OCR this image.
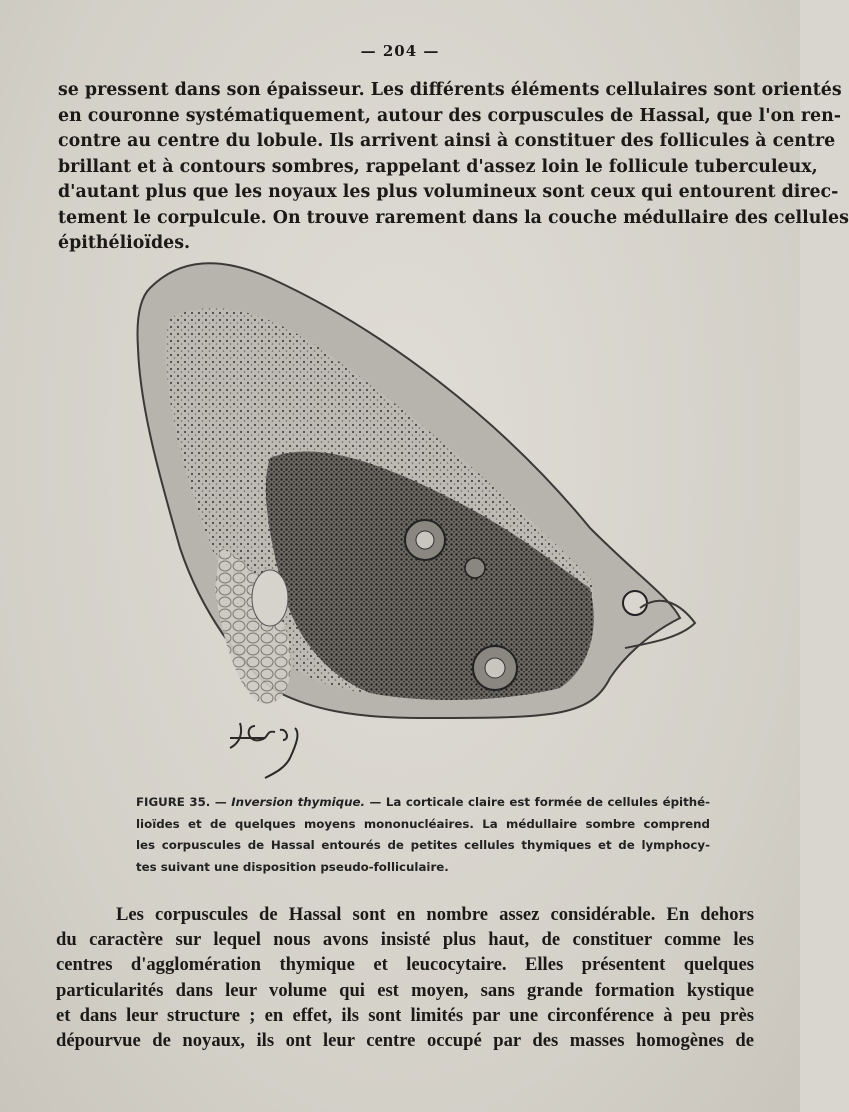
— 204 —
se pressent dans son épaisseur. Les différents éléments cellulaires sont orientés
en couronne systématiquement, autour des corpuscules de Hassal, que l'on ren-
contre au centre du lobule. Ils arrivent ainsi à constituer des follicules à centre
brillant et à contours sombres, rappelant d'assez loin le follicule tuberculeux,
d'autant plus que les noyaux les plus volumineux sont ceux qui entourent direc-
tement le corpulcule. On trouve rarement dans la couche médullaire des cellules
épithélioïdes.
FIGURE 35. — Inversion thymique. — La corticale claire est formée de cellules épithé-
lioïdes et de quelques moyens mononucléaires. La médullaire sombre comprend
les corpuscules de Hassal entourés de petites cellules thymiques et de lymphocy-
tes suivant une disposition pseudo-folliculaire.
Les corpuscules de Hassal sont en nombre assez considérable. En dehors
du caractère sur lequel nous avons insisté plus haut, de constituer comme les
centres d'agglomération thymique et leucocytaire. Elles présentent quelques
particularités dans leur volume qui est moyen, sans grande formation kystique
et dans leur structure ; en effet, ils sont limités par une circonférence à peu près
dépourvue de noyaux, ils ont leur centre occupé par des masses homogènes de
